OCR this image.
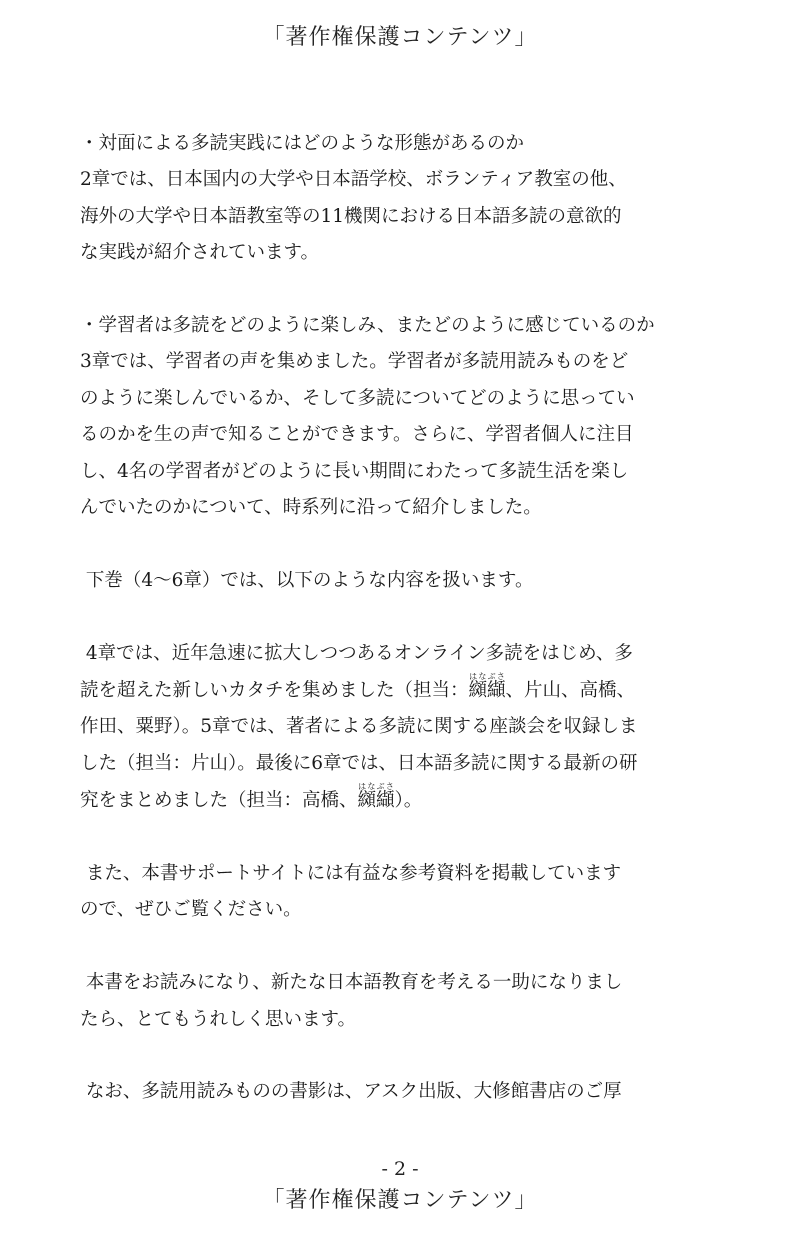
「著作権保護コンテンツ」

・対面による多読実践にはどのような形態があるのか

2章では、日本国内の大学や日本語学校、ボランティア教室の他、

海外の大学や日本語教室等の11機関における日本語多読の意欲的

な実践が紹介されています。

・学習者は多読をどのように楽しみ、またどのように感じているのか

3章では、学習者の声を集めました。学習者が多読用読みものをど

のように楽しんでいるか、そして多読についてどのように思ってい

るのかを生の声で知ることができます。さらに、学習者個人に注目

し、4名の学習者がどのように長い期間にわたって多読生活を楽し

んでいたのかについて、時系列に沿って紹介しました。

下巻（4〜6章）では、以下のような内容を扱います。

4章では、近年急速に拡大しつつあるオンライン多読をはじめ、多

読を超えた新しいカタチを集めました（担当：纐纈はなぶさ、片山、高橋、

作田、粟野）。5章では、著者による多読に関する座談会を収録しま

した（担当：片山）。最後に6章では、日本語多読に関する最新の研

究をまとめました（担当：高橋、纐纈はなぶさ）。

また、本書サポートサイトには有益な参考資料を掲載しています

ので、ぜひご覧ください。

本書をお読みになり、新たな日本語教育を考える一助になりまし

たら、とてもうれしく思います。

なお、多読用読みものの書影は、アスク出版、大修館書店のご厚

- 2 -
「著作権保護コンテンツ」
